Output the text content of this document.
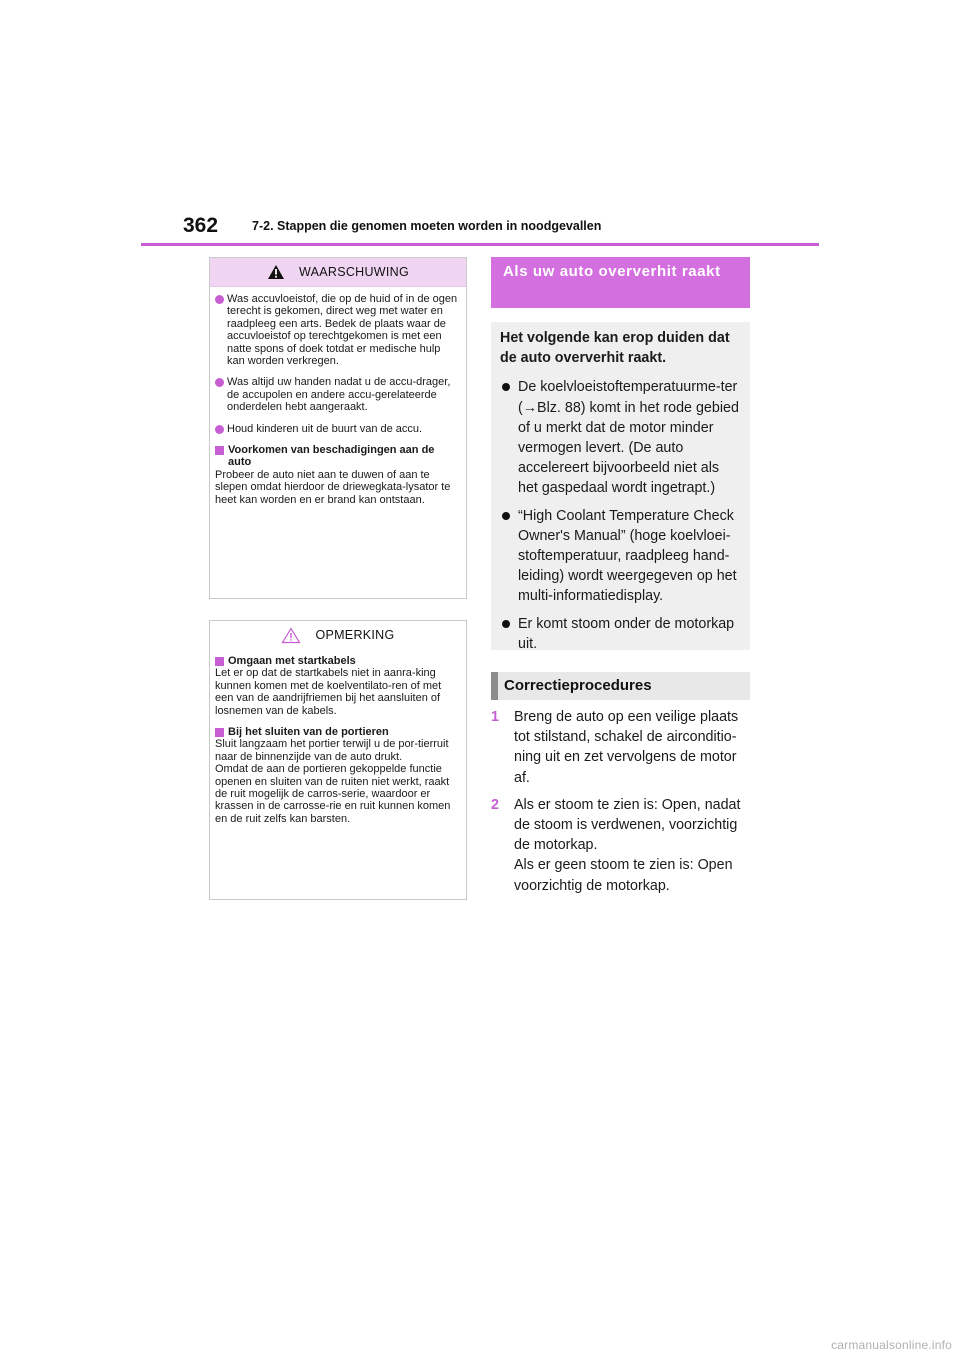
362	7-2. Stappen die genomen moeten worden in noodgevallen
WAARSCHUWING
Was accuvloeistof, die op de huid of in de ogen terecht is gekomen, direct weg met water en raadpleeg een arts. Bedek de plaats waar de accuvloeistof op terechtgekomen is met een natte spons of doek totdat er medische hulp kan worden verkregen.
Was altijd uw handen nadat u de accu-drager, de accupolen en andere accu-gerelateerde onderdelen hebt aangeraakt.
Houd kinderen uit de buurt van de accu.
Voorkomen van beschadigingen aan de auto
Probeer de auto niet aan te duwen of aan te slepen omdat hierdoor de driewegkata-lysator te heet kan worden en er brand kan ontstaan.
OPMERKING
Omgaan met startkabels
Let er op dat de startkabels niet in aanra-king kunnen komen met de koelventilato-ren of met een van de aandrijfriemen bij het aansluiten of losnemen van de kabels.
Bij het sluiten van de portieren
Sluit langzaam het portier terwijl u de por-tierruit naar de binnenzijde van de auto drukt.
Omdat de aan de portieren gekoppelde functie openen en sluiten van de ruiten niet werkt, raakt de ruit mogelijk de carros-serie, waardoor er krassen in de carrosse-rie en ruit kunnen komen en de ruit zelfs kan barsten.
Als uw auto oververhit raakt
Het volgende kan erop duiden dat de auto oververhit raakt.
De koelvloeistoftemperatuurme-ter (→Blz. 88) komt in het rode gebied of u merkt dat de motor minder vermogen levert. (De auto accelereert bijvoorbeeld niet als het gaspedaal wordt ingetrapt.)
“High Coolant Temperature Check Owner's Manual” (hoge koelvloei-stoftemperatuur, raadpleeg hand-leiding) wordt weergegeven op het multi-informatiedisplay.
Er komt stoom onder de motorkap uit.
Correctieprocedures
1	Breng de auto op een veilige plaats tot stilstand, schakel de airconditio-ning uit en zet vervolgens de motor af.
2	Als er stoom te zien is: Open, nadat de stoom is verdwenen, voorzichtig de motorkap.
Als er geen stoom te zien is: Open voorzichtig de motorkap.
carmanualsonline.info
